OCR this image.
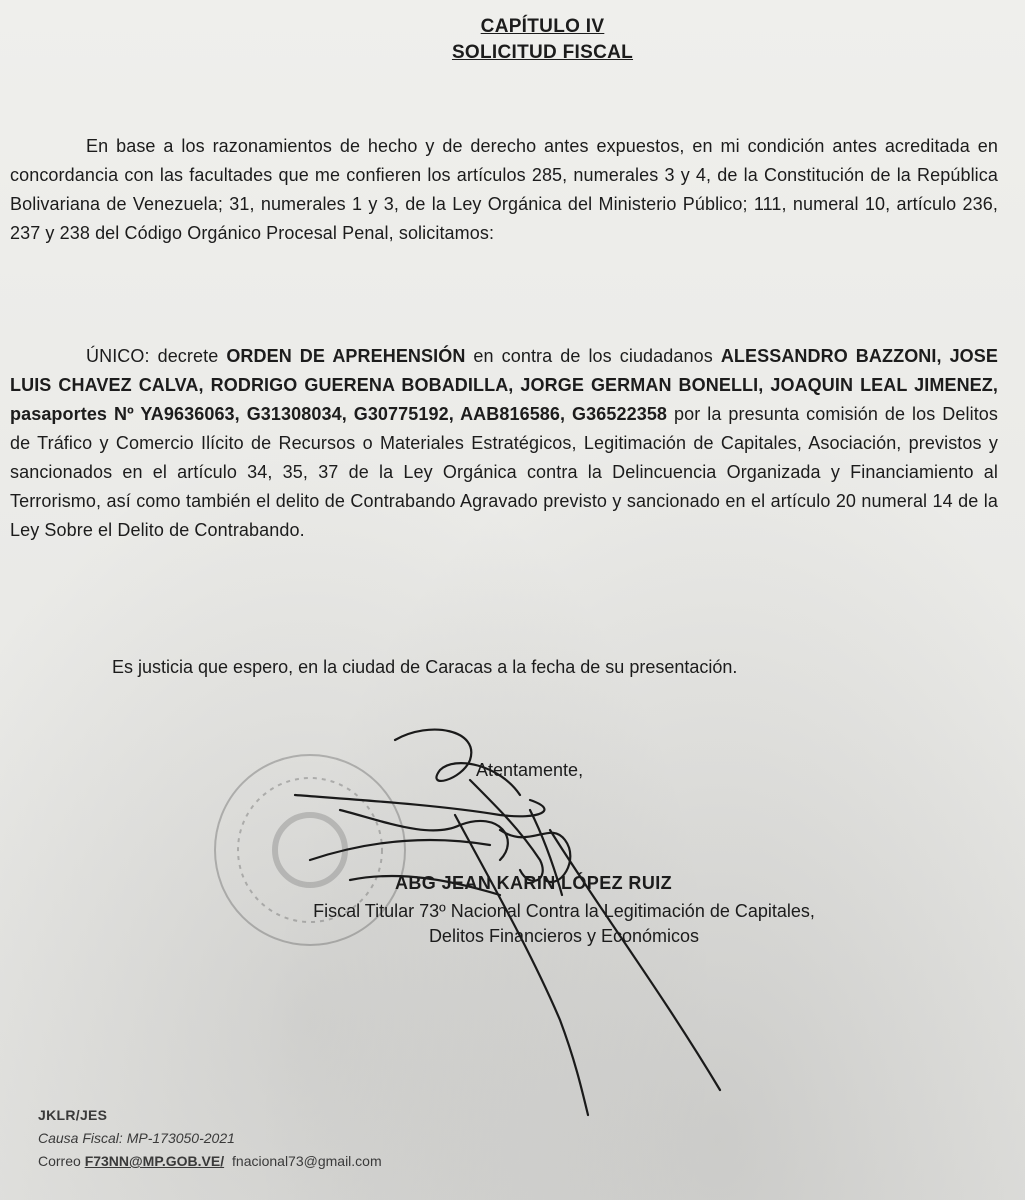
CAPÍTULO IV
SOLICITUD FISCAL

En base a los razonamientos de hecho y de derecho antes expuestos, en mi condición antes acreditada en concordancia con las facultades que me confieren los artículos 285, numerales 3 y 4, de la Constitución de la República Bolivariana de Venezuela; 31, numerales 1 y 3, de la Ley Orgánica del Ministerio Público; 111, numeral 10, artículo 236, 237 y 238 del Código Orgánico Procesal Penal, solicitamos:

ÚNICO: decrete ORDEN DE APREHENSIÓN en contra de los ciudadanos ALESSANDRO BAZZONI, JOSE LUIS CHAVEZ CALVA, RODRIGO GUERENA BOBADILLA, JORGE GERMAN BONELLI, JOAQUIN LEAL JIMENEZ, pasaportes Nº YA9636063, G31308034, G30775192, AAB816586, G36522358 por la presunta comisión de los Delitos de Tráfico y Comercio Ilícito de Recursos o Materiales Estratégicos, Legitimación de Capitales, Asociación, previstos y sancionados en el artículo 34, 35, 37 de la Ley Orgánica contra la Delincuencia Organizada y Financiamiento al Terrorismo, así como también el delito de Contrabando Agravado previsto y sancionado en el artículo 20 numeral 14 de la Ley Sobre el Delito de Contrabando.

Es justicia que espero, en la ciudad de Caracas a la fecha de su presentación.
Atentamente,
ABG JEAN KARIN LÓPEZ RUIZ
Fiscal Titular 73º Nacional Contra la Legitimación de Capitales,
Delitos Financieros y Económicos
JKLR/JES
Causa Fiscal: MP-173050-2021
Correo F73NN@MP.GOB.VE/ fnacional73@gmail.com
